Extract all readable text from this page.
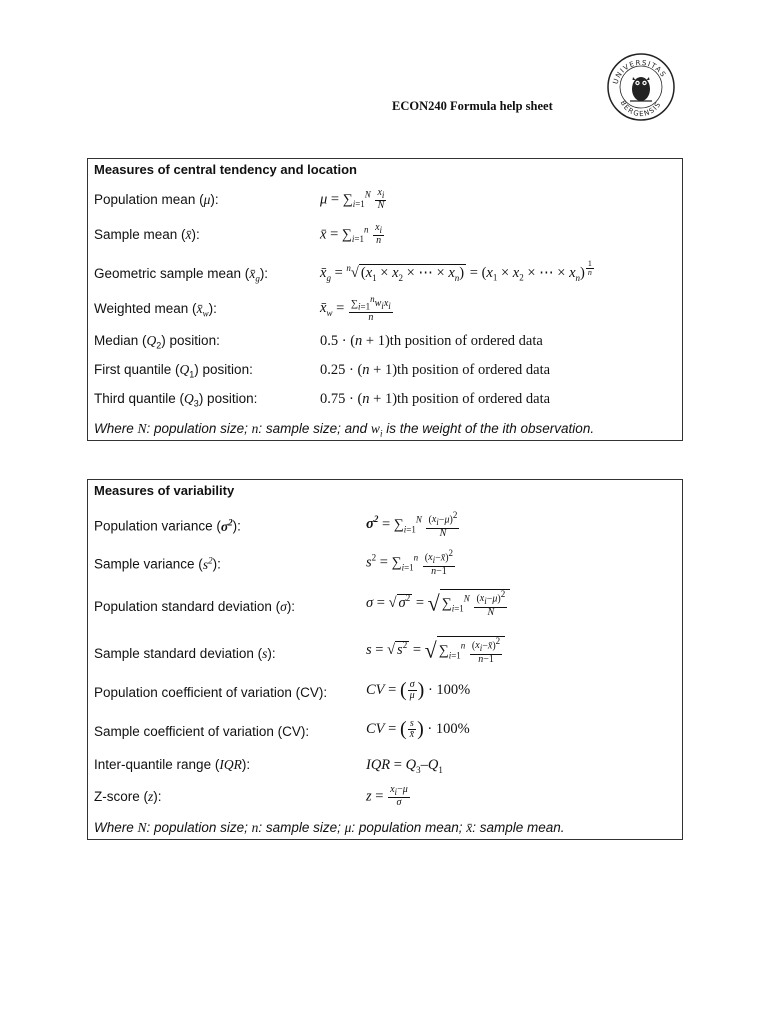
UNIVERSITAS
BERGENSIS
ECON240 Formula help sheet
Measures of central tendency and location
Population mean (μ):	$\mu = \sum_{i=1}^N \frac{x_i}{N}$
Sample mean (x̄):	x̄ = $\sum_{i=1}^n \frac{x_i}{n}$
Geometric sample mean $(x̄_g)$:	$x̄_g = ^n√$ ($x_1 \times x_2$ × ⋯ × $x_n) = (x_1 \times x_2$ × ⋯ × $x_n$) $^{\frac{1}{n}}$
Weighted mean $(x̄_w)$:	$x̄_w = \frac{\sum_{i=1}^nw_ix_i}{n}$
Median $(Q_2)$ position:	0.5 · (n + 1)th position of ordered data
First quantile $(Q_1)$ position:	0.25 · (n + 1)th position of ordered data
Third quantile $(Q_3)$ position:	0.75 · (n + 1)th position of ordered data
Where N: population size; n: sample size; and $w_i$ is the weight of the ith observation.
Measures of variability
Population variance $(\sigma^2)$:	$\sigma^2 = \sum_{i=1}^N \frac{(x_i-\mu)^2}{N}$
Sample variance $(s^2)$:	$s^2 = \sum_{i=1}^n \frac{(x_i-x̄)^2}{n-1}$
Population standard deviation (σ):	σ = √ $\sigma^2$ = √ $\sum_{i=1}^N \frac{(x_i-\mu)^2}{N}$
Sample standard deviation (s):	s = √ $s^2$ = √ $\sum_{i=1}^n \frac{(x_i-x̄)^2}{n-1}$
Population coefficient of variation (CV):	CV = ( $\frac{\sigma}{\mu}$ ) · 100%
Sample coefficient of variation (CV):	CV = ( $\frac{s}{x̄}$ ) · 100%
Inter-quantile range (IQR):	IQR = $Q_3-Q_1$
Z-score (z):	$z = \frac{x_i-\mu}{\sigma}$
Where N: population size; n: sample size; μ: population mean; x̄: sample mean.
